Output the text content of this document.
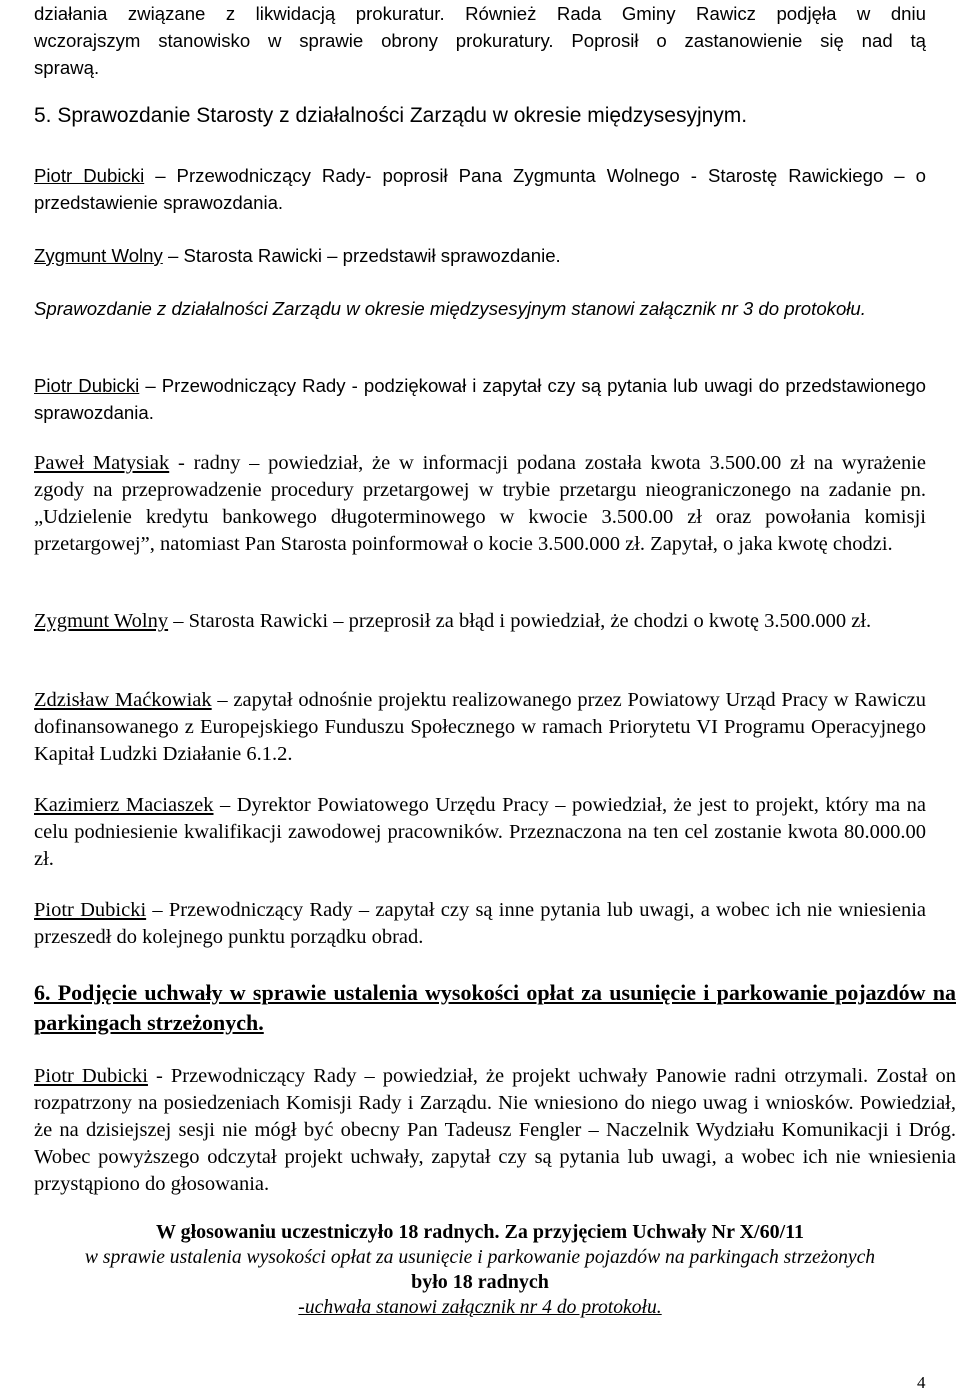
działania związane z likwidacją prokuratur. Również Rada Gminy Rawicz podjęła w dniu
wczorajszym stanowisko w sprawie obrony prokuratury. Poprosił o zastanowienie się nad tą
sprawą.

5. Sprawozdanie Starosty z działalności Zarządu w okresie międzysesyjnym.

Piotr Dubicki – Przewodniczący Rady- poprosił Pana Zygmunta Wolnego - Starostę Rawickiego – o przedstawienie sprawozdania.

Zygmunt Wolny – Starosta Rawicki – przedstawił sprawozdanie.

Sprawozdanie z działalności Zarządu w okresie międzysesyjnym stanowi załącznik nr 3 do protokołu.

Piotr Dubicki – Przewodniczący Rady - podziękował i zapytał czy są pytania lub uwagi do przedstawionego sprawozdania.

Paweł Matysiak - radny – powiedział, że w informacji podana została kwota 3.500.00 zł na wyrażenie zgody na przeprowadzenie procedury przetargowej w trybie przetargu nieograniczonego na zadanie pn. „Udzielenie kredytu bankowego długoterminowego w kwocie 3.500.00 zł oraz powołania komisji przetargowej”, natomiast Pan Starosta poinformował o kocie 3.500.000 zł. Zapytał, o jaka kwotę chodzi.

Zygmunt Wolny – Starosta Rawicki – przeprosił za błąd i powiedział, że chodzi o kwotę 3.500.000 zł.

Zdzisław Maćkowiak – zapytał odnośnie projektu realizowanego przez Powiatowy Urząd Pracy w Rawiczu dofinansowanego z Europejskiego Funduszu Społecznego w ramach Priorytetu VI Programu Operacyjnego Kapitał Ludzki Działanie 6.1.2.

Kazimierz Maciaszek – Dyrektor Powiatowego Urzędu Pracy – powiedział, że jest to projekt, który ma na celu podniesienie kwalifikacji zawodowej pracowników. Przeznaczona na ten cel zostanie kwota 80.000.00 zł.

Piotr Dubicki – Przewodniczący Rady – zapytał czy są inne pytania lub uwagi, a wobec ich nie wniesienia przeszedł do kolejnego punktu porządku obrad.

6. Podjęcie uchwały w sprawie ustalenia wysokości opłat za usunięcie i parkowanie pojazdów na parkingach strzeżonych.

Piotr Dubicki - Przewodniczący Rady – powiedział, że projekt uchwały Panowie radni otrzymali. Został on rozpatrzony na posiedzeniach Komisji Rady i Zarządu. Nie wniesiono do niego uwag i wniosków. Powiedział, że na dzisiejszej sesji nie mógł być obecny Pan Tadeusz Fengler – Naczelnik Wydziału Komunikacji i Dróg. Wobec powyższego odczytał projekt uchwały, zapytał czy są pytania lub uwagi, a wobec ich nie wniesienia przystąpiono do głosowania.

W głosowaniu uczestniczyło 18 radnych. Za przyjęciem Uchwały Nr X/60/11
w sprawie ustalenia wysokości opłat za usunięcie i parkowanie pojazdów na parkingach strzeżonych
było 18 radnych
-uchwała stanowi załącznik nr 4 do protokołu.
4
